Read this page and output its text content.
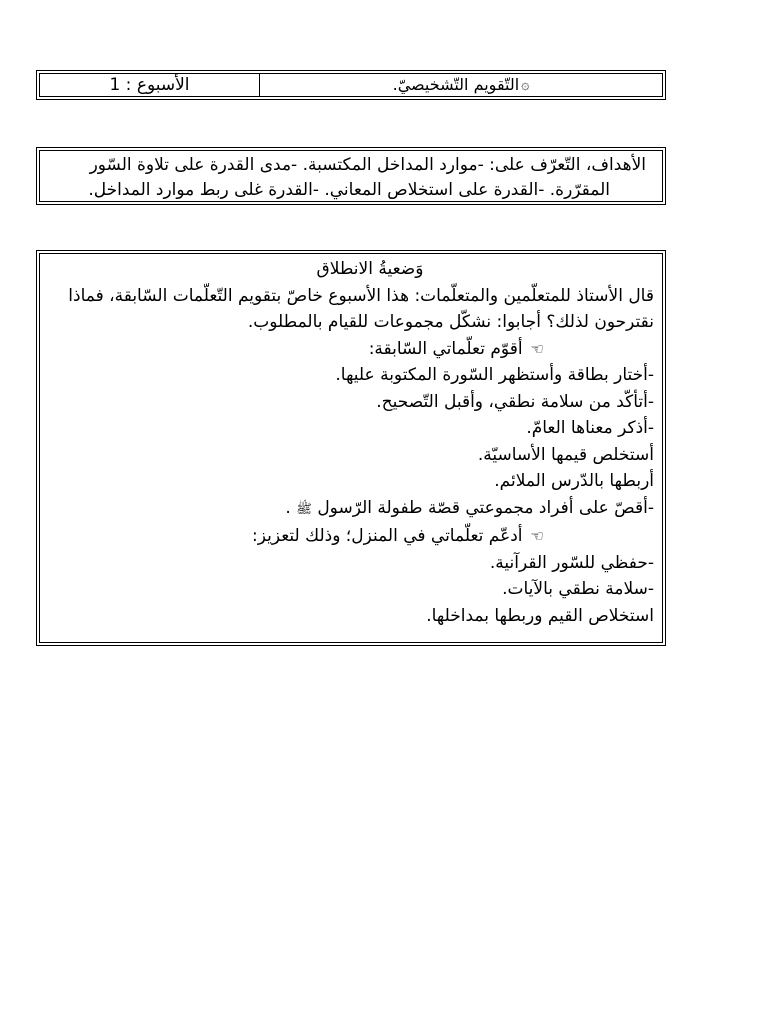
۞
التّقويم التّشخيصيّ.
الأسبوع : 1
الأهداف، التّعرّف على: -موارد المداخل المكتسبة. -مدى القدرة على تلاوة السّور
المقرّرة. -القدرة على استخلاص المعاني. -القدرة غلى ربط موارد المداخل.
وَضعيةُ الانطلاق
قال الأستاذ للمتعلّمين والمتعلّمات: هذا الأسبوع خاصّ بتقويم التّعلّمات السّابقة، فماذا
نقترحون لذلك؟ أجابوا: نشكّل مجموعات للقيام بالمطلوب.
☜أقوّم تعلّماتي السّابقة:
-أختار بطاقة وأستظهر السّورة المكتوبة عليها.
-أتأكّد من سلامة نطقي، وأقبل التّصحيح.
-أذكر معناها العامّ.
أستخلص قيمها الأساسيّة.
أربطها بالدّرس الملائم.
-أقصّ على أفراد مجموعتي قصّة طفولة الرّسول ﷺ .
☜أدعّم تعلّماتي في المنزل؛ وذلك لتعزيز:
-حفظي للسّور القرآنية.
-سلامة نطقي بالآيات.
استخلاص القيم وربطها بمداخلها.
